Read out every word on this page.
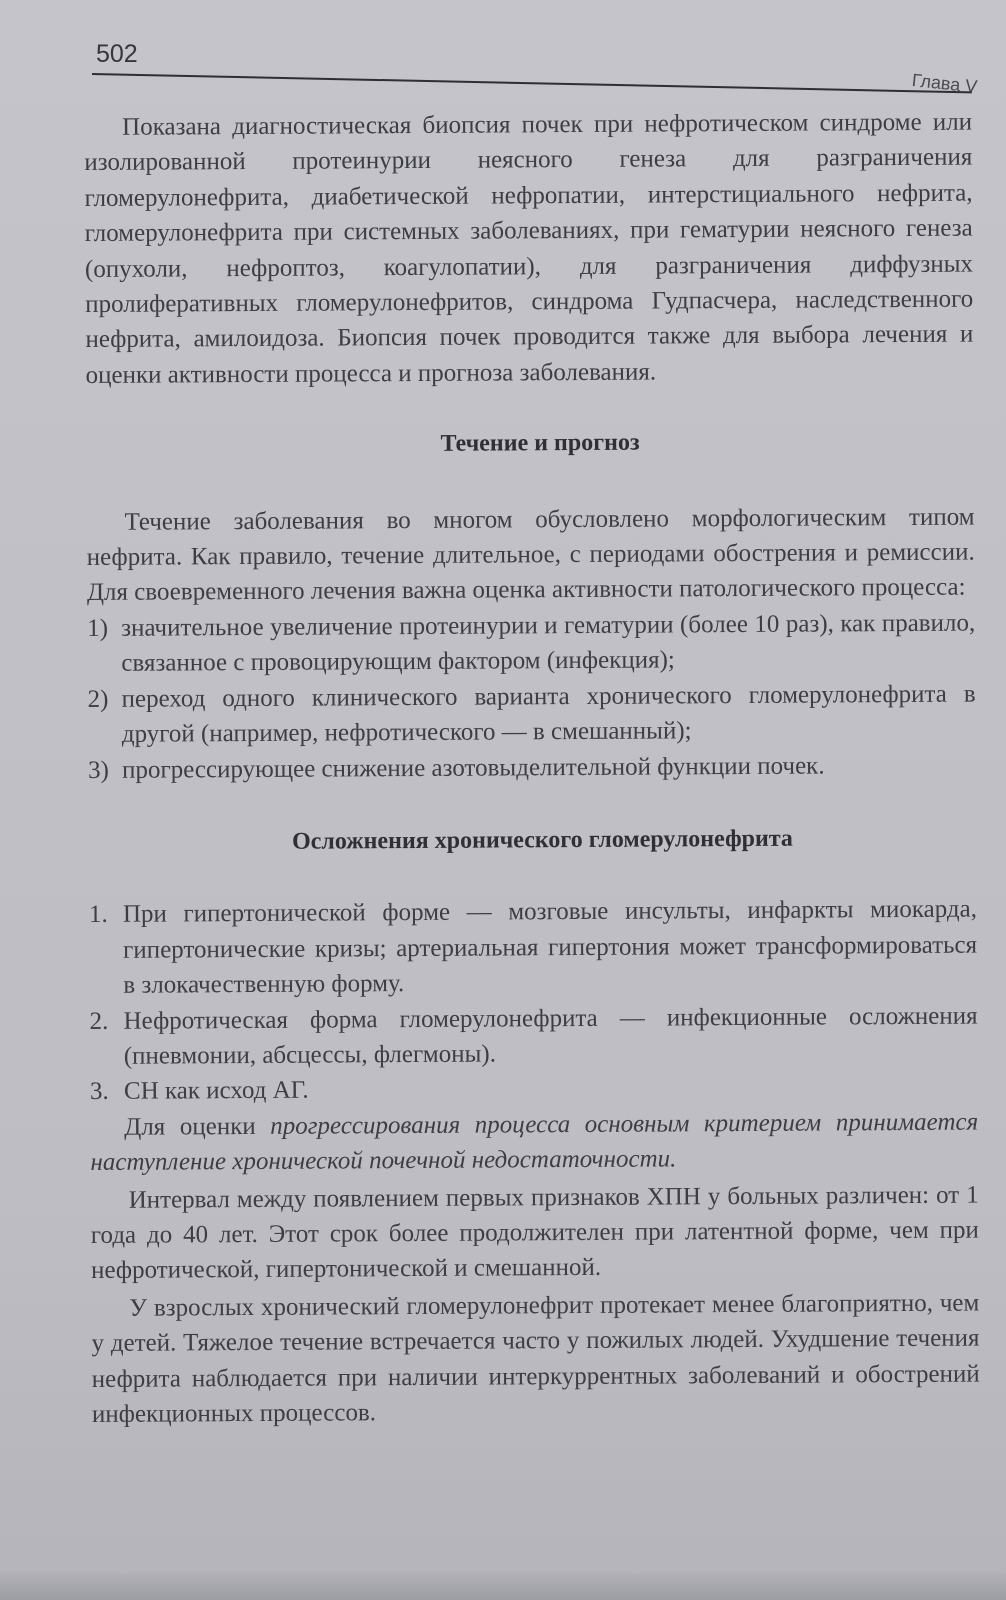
502
Глава V

Показана диагностическая биопсия почек при нефротическом синдроме или изолированной протеинурии неясного генеза для разграничения гломерулонефрита, диабетической нефропатии, интерстициального нефрита, гломерулонефрита при системных заболеваниях, при гематурии неясного генеза (опухоли, нефроптоз, коагулопатии), для разграничения диффузных пролиферативных гломерулонефритов, синдрома Гудпасчера, наследственного нефрита, амилоидоза. Биопсия почек проводится также для выбора лечения и оценки активности процесса и прогноза заболевания.

Течение и прогноз

Течение заболевания во многом обусловлено морфологическим типом нефрита. Как правило, течение длительное, с периодами обострения и ремиссии. Для своевременного лечения важна оценка активности патологического процесса:

1) значительное увеличение протеинурии и гематурии (более 10 раз), как правило, связанное с провоцирующим фактором (инфекция);
2) переход одного клинического варианта хронического гломерулонефрита в другой (например, нефротического — в смешанный);
3) прогрессирующее снижение азотовыделительной функции почек.
Осложнения хронического гломерулонефрита
1. При гипертонической форме — мозговые инсульты, инфаркты миокарда, гипертонические кризы; артериальная гипертония может трансформироваться в злокачественную форму.
2. Нефротическая форма гломерулонефрита — инфекционные осложнения (пневмонии, абсцессы, флегмоны).
3. СН как исход АГ.

Для оценки прогрессирования процесса основным критерием принимается наступление хронической почечной недостаточности.

Интервал между появлением первых признаков ХПН у больных различен: от 1 года до 40 лет. Этот срок более продолжителен при латентной форме, чем при нефротической, гипертонической и смешанной.

У взрослых хронический гломерулонефрит протекает менее благоприятно, чем у детей. Тяжелое течение встречается часто у пожилых людей. Ухудшение течения нефрита наблюдается при наличии интеркуррентных заболеваний и обострений инфекционных процессов.
